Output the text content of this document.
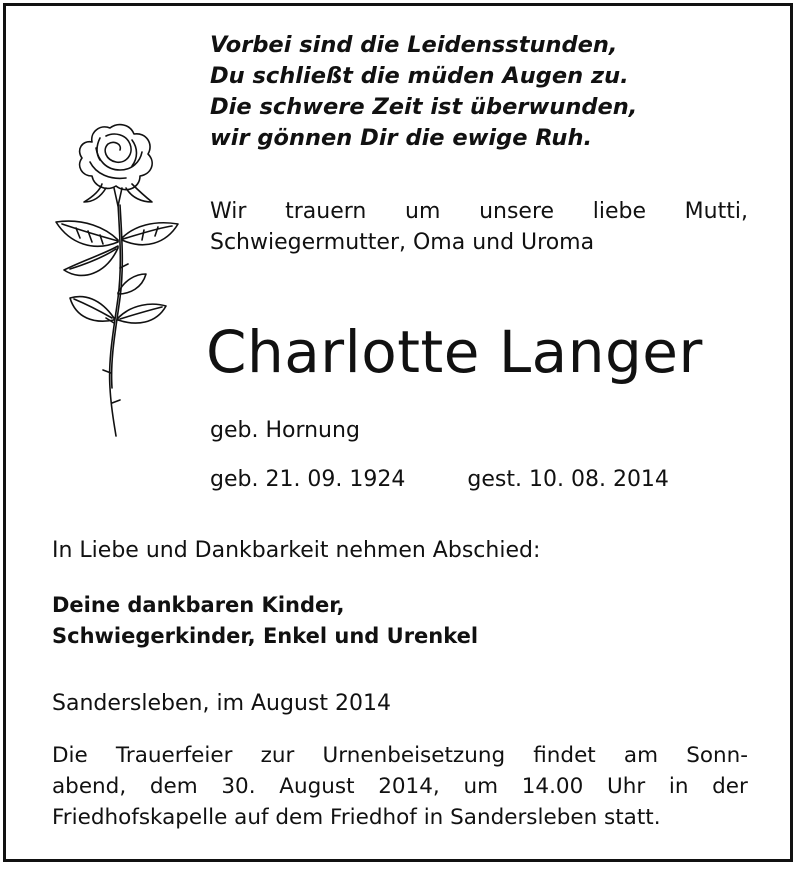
Vorbei sind die Leidensstunden,
Du schließt die müden Augen zu.
Die schwere Zeit ist überwunden,
wir gönnen Dir die ewige Ruh.
Wir trauern um unsere liebe Mutti,
Schwiegermutter, Oma und Uroma
Charlotte Langer
geb. Hornung
geb. 21. 09. 1924	gest. 10. 08. 2014
In Liebe und Dankbarkeit nehmen Abschied:
Deine dankbaren Kinder,
Schwiegerkinder, Enkel und Urenkel
Sandersleben, im August 2014
Die Trauerfeier zur Urnenbeisetzung findet am Sonn-
abend, dem 30. August 2014, um 14.00 Uhr in der
Friedhofskapelle auf dem Friedhof in Sandersleben statt.
